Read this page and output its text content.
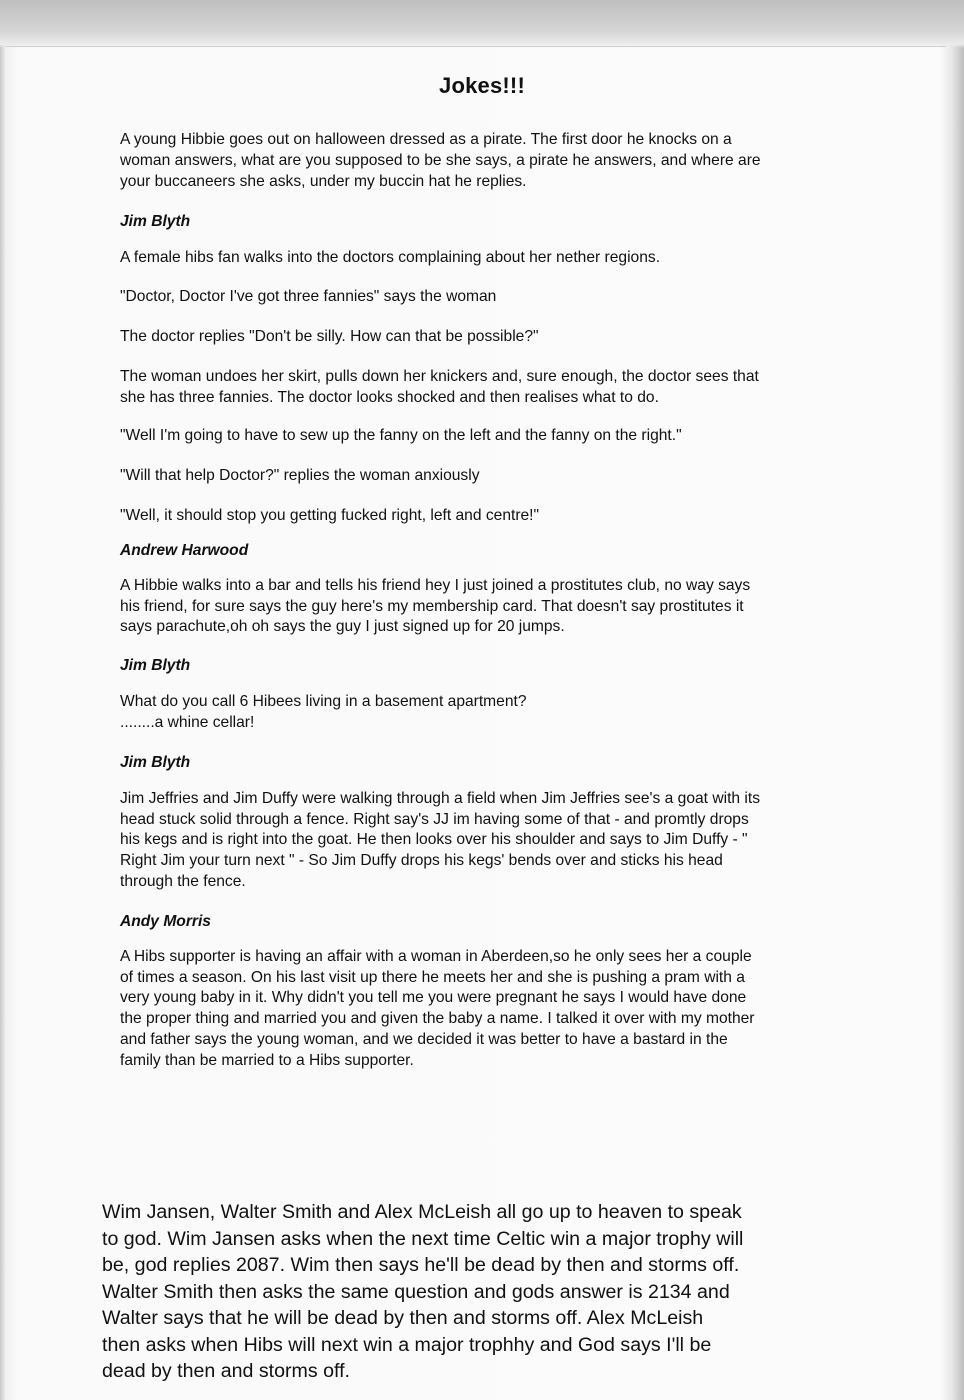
Jokes!!!

A young Hibbie goes out on halloween dressed as a pirate. The first door he knocks on a
woman answers, what are you supposed to be she says, a pirate he answers, and where are
your buccaneers she asks, under my buccin hat he replies.

Jim Blyth

A female hibs fan walks into the doctors complaining about her nether regions.

"Doctor, Doctor I've got three fannies" says the woman

The doctor replies "Don't be silly. How can that be possible?"

The woman undoes her skirt, pulls down her knickers and, sure enough, the doctor sees that
she has three fannies. The doctor looks shocked and then realises what to do.

"Well I'm going to have to sew up the fanny on the left and the fanny on the right."

"Will that help Doctor?" replies the woman anxiously

"Well, it should stop you getting fucked right, left and centre!"

Andrew Harwood

A Hibbie walks into a bar and tells his friend hey I just joined a prostitutes club, no way says
his friend, for sure says the guy here's my membership card. That doesn't say prostitutes it
says parachute,oh oh says the guy I just signed up for 20 jumps.

Jim Blyth

What do you call 6 Hibees living in a basement apartment?
........a whine cellar!

Jim Blyth

Jim Jeffries and Jim Duffy were walking through a field when Jim Jeffries see's a goat with its
head stuck solid through a fence. Right say's JJ im having some of that - and promtly drops
his kegs and is right into the goat. He then looks over his shoulder and says to Jim Duffy - "
Right Jim your turn next " - So Jim Duffy drops his kegs' bends over and sticks his head
through the fence.

Andy Morris

A Hibs supporter is having an affair with a woman in Aberdeen,so he only sees her a couple
of times a season. On his last visit up there he meets her and she is pushing a pram with a
very young baby in it. Why didn't you tell me you were pregnant he says I would have done
the proper thing and married you and given the baby a name. I talked it over with my mother
and father says the young woman, and we decided it was better to have a bastard in the
family than be married to a Hibs supporter.

Wim Jansen, Walter Smith and Alex McLeish all go up to heaven to speak
to god. Wim Jansen asks when the next time Celtic win a major trophy will
be, god replies 2087. Wim then says he'll be dead by then and storms off.
Walter Smith then asks the same question and gods answer is 2134 and
Walter says that he will be dead by then and storms off. Alex McLeish
then asks when Hibs will next win a major trophhy and God says I'll be
dead by then and storms off.
